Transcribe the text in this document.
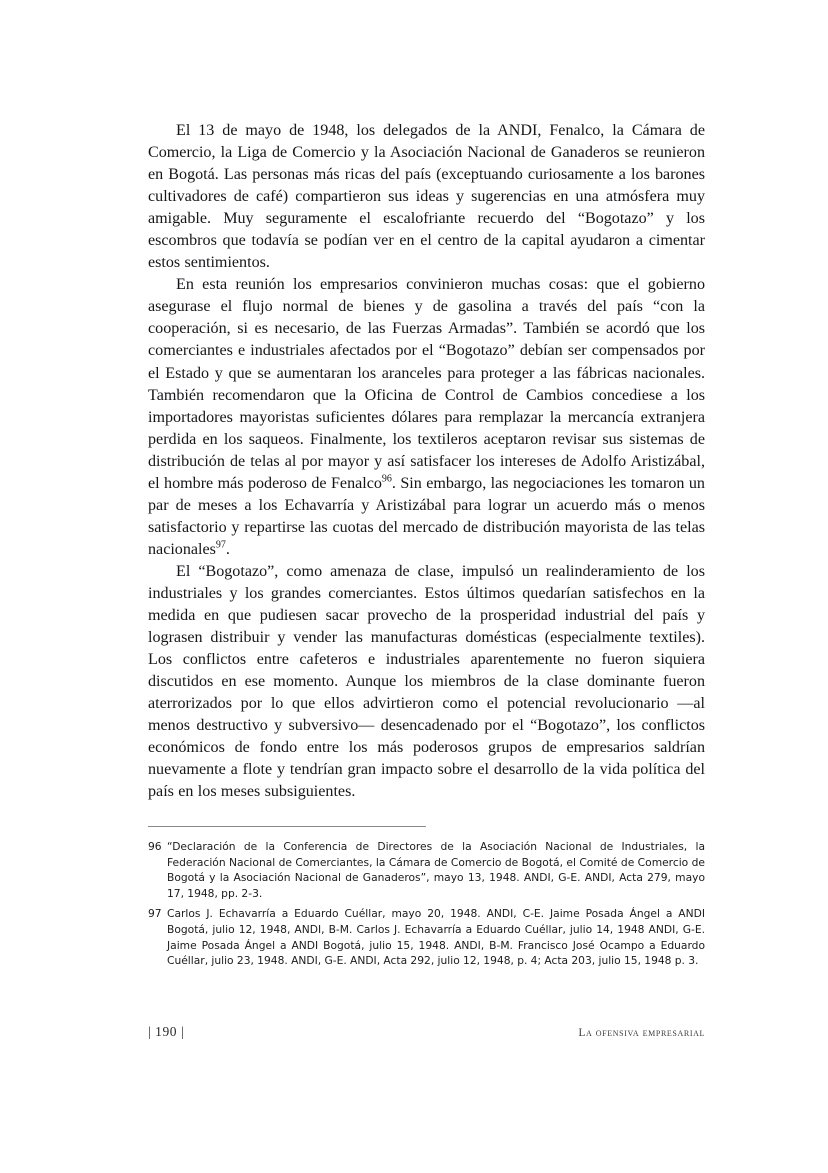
El 13 de mayo de 1948, los delegados de la ANDI, Fenalco, la Cámara de Comercio, la Liga de Comercio y la Asociación Nacional de Ganaderos se reunieron en Bogotá. Las personas más ricas del país (exceptuando curiosamente a los barones cultivadores de café) compartieron sus ideas y sugerencias en una atmósfera muy amigable. Muy seguramente el escalofriante recuerdo del “Bogotazo” y los escombros que todavía se podían ver en el centro de la capital ayudaron a cimentar estos sentimientos.

En esta reunión los empresarios convinieron muchas cosas: que el gobierno asegurase el flujo normal de bienes y de gasolina a través del país “con la cooperación, si es necesario, de las Fuerzas Armadas”. También se acordó que los comerciantes e industriales afectados por el “Bogotazo” debían ser compensados por el Estado y que se aumentaran los aranceles para proteger a las fábricas nacionales. También recomendaron que la Oficina de Control de Cambios concediese a los importadores mayoristas suficientes dólares para remplazar la mercancía extranjera perdida en los saqueos. Finalmente, los textileros aceptaron revisar sus sistemas de distribución de telas al por mayor y así satisfacer los intereses de Adolfo Aristizábal, el hombre más poderoso de Fenalco$^{96}$. Sin embargo, las negociaciones les tomaron un par de meses a los Echavarría y Aristizábal para lograr un acuerdo más o menos satisfactorio y repartirse las cuotas del mercado de distribución mayorista de las telas nacionales$^{97}$.

El “Bogotazo”, como amenaza de clase, impulsó un realinderamiento de los industriales y los grandes comerciantes. Estos últimos quedarían satisfechos en la medida en que pudiesen sacar provecho de la prosperidad industrial del país y lograsen distribuir y vender las manufacturas domésticas (especialmente textiles). Los conflictos entre cafeteros e industriales aparentemente no fueron siquiera discutidos en ese momento. Aunque los miembros de la clase dominante fueron aterrorizados por lo que ellos advirtieron como el potencial revolucionario —al menos destructivo y subversivo— desencadenado por el “Bogotazo”, los conflictos económicos de fondo entre los más poderosos grupos de empresarios saldrían nuevamente a flote y tendrían gran impacto sobre el desarrollo de la vida política del país en los meses subsiguientes.

96 “Declaración de la Conferencia de Directores de la Asociación Nacional de Industriales, la Federación Nacional de Comerciantes, la Cámara de Comercio de Bogotá, el Comité de Comercio de Bogotá y la Asociación Nacional de Ganaderos”, mayo 13, 1948. ANDI, G-E. ANDI, Acta 279, mayo 17, 1948, pp. 2-3.
97 Carlos J. Echavarría a Eduardo Cuéllar, mayo 20, 1948. ANDI, C-E. Jaime Posada Ángel a ANDI Bogotá, julio 12, 1948, ANDI, B-M. Carlos J. Echavarría a Eduardo Cuéllar, julio 14, 1948 ANDI, G-E. Jaime Posada Ángel a ANDI Bogotá, julio 15, 1948. ANDI, B-M. Francisco José Ocampo a Eduardo Cuéllar, julio 23, 1948. ANDI, G-E. ANDI, Acta 292, julio 12, 1948, p. 4; Acta 203, julio 15, 1948 p. 3.
| 190 |	La ofensiva empresarial
